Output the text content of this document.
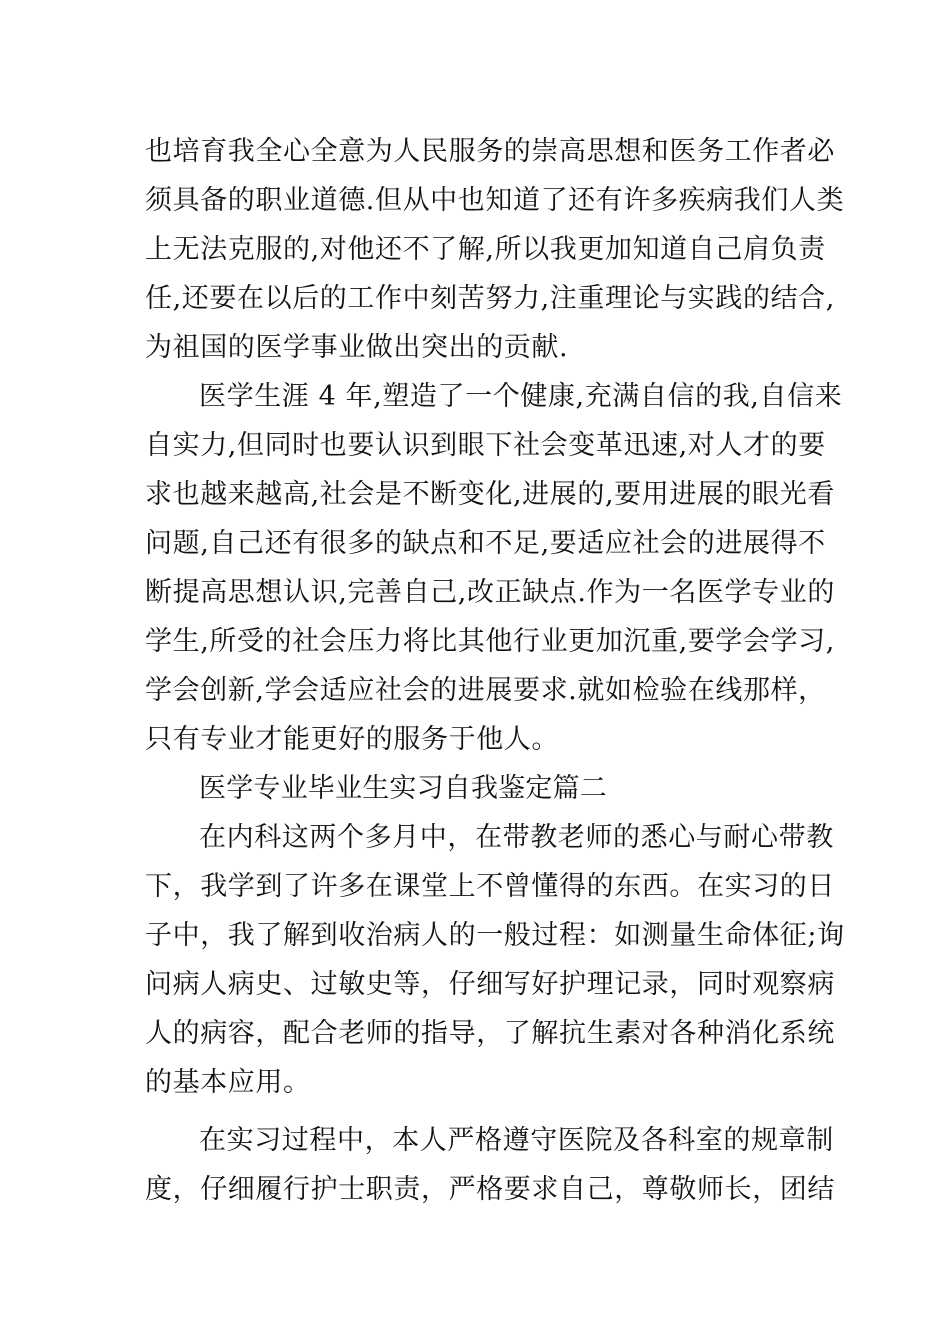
也培育我全心全意为人民服务的崇高思想和医务工作者必

须具备的职业道德.但从中也知道了还有许多疾病我们人类

上无法克服的,对他还不了解,所以我更加知道自己肩负责

任,还要在以后的工作中刻苦努力,注重理论与实践的结合,

为祖国的医学事业做出突出的贡献.

医学生涯 4 年,塑造了一个健康,充满自信的我,自信来

自实力,但同时也要认识到眼下社会变革迅速,对人才的要

求也越来越高,社会是不断变化,进展的,要用进展的眼光看

问题,自己还有很多的缺点和不足,要适应社会的进展得不

断提高思想认识,完善自己,改正缺点.作为一名医学专业的

学生,所受的社会压力将比其他行业更加沉重,要学会学习,

学会创新,学会适应社会的进展要求.就如检验在线那样，

只有专业才能更好的服务于他人。

医学专业毕业生实习自我鉴定篇二

在内科这两个多月中，在带教老师的悉心与耐心带教

下，我学到了许多在课堂上不曾懂得的东西。在实习的日

子中，我了解到收治病人的一般过程：如测量生命体征;询

问病人病史、过敏史等，仔细写好护理记录，同时观察病

人的病容，配合老师的指导，了解抗生素对各种消化系统

的基本应用。

在实习过程中，本人严格遵守医院及各科室的规章制

度，仔细履行护士职责，严格要求自己，尊敬师长，团结
